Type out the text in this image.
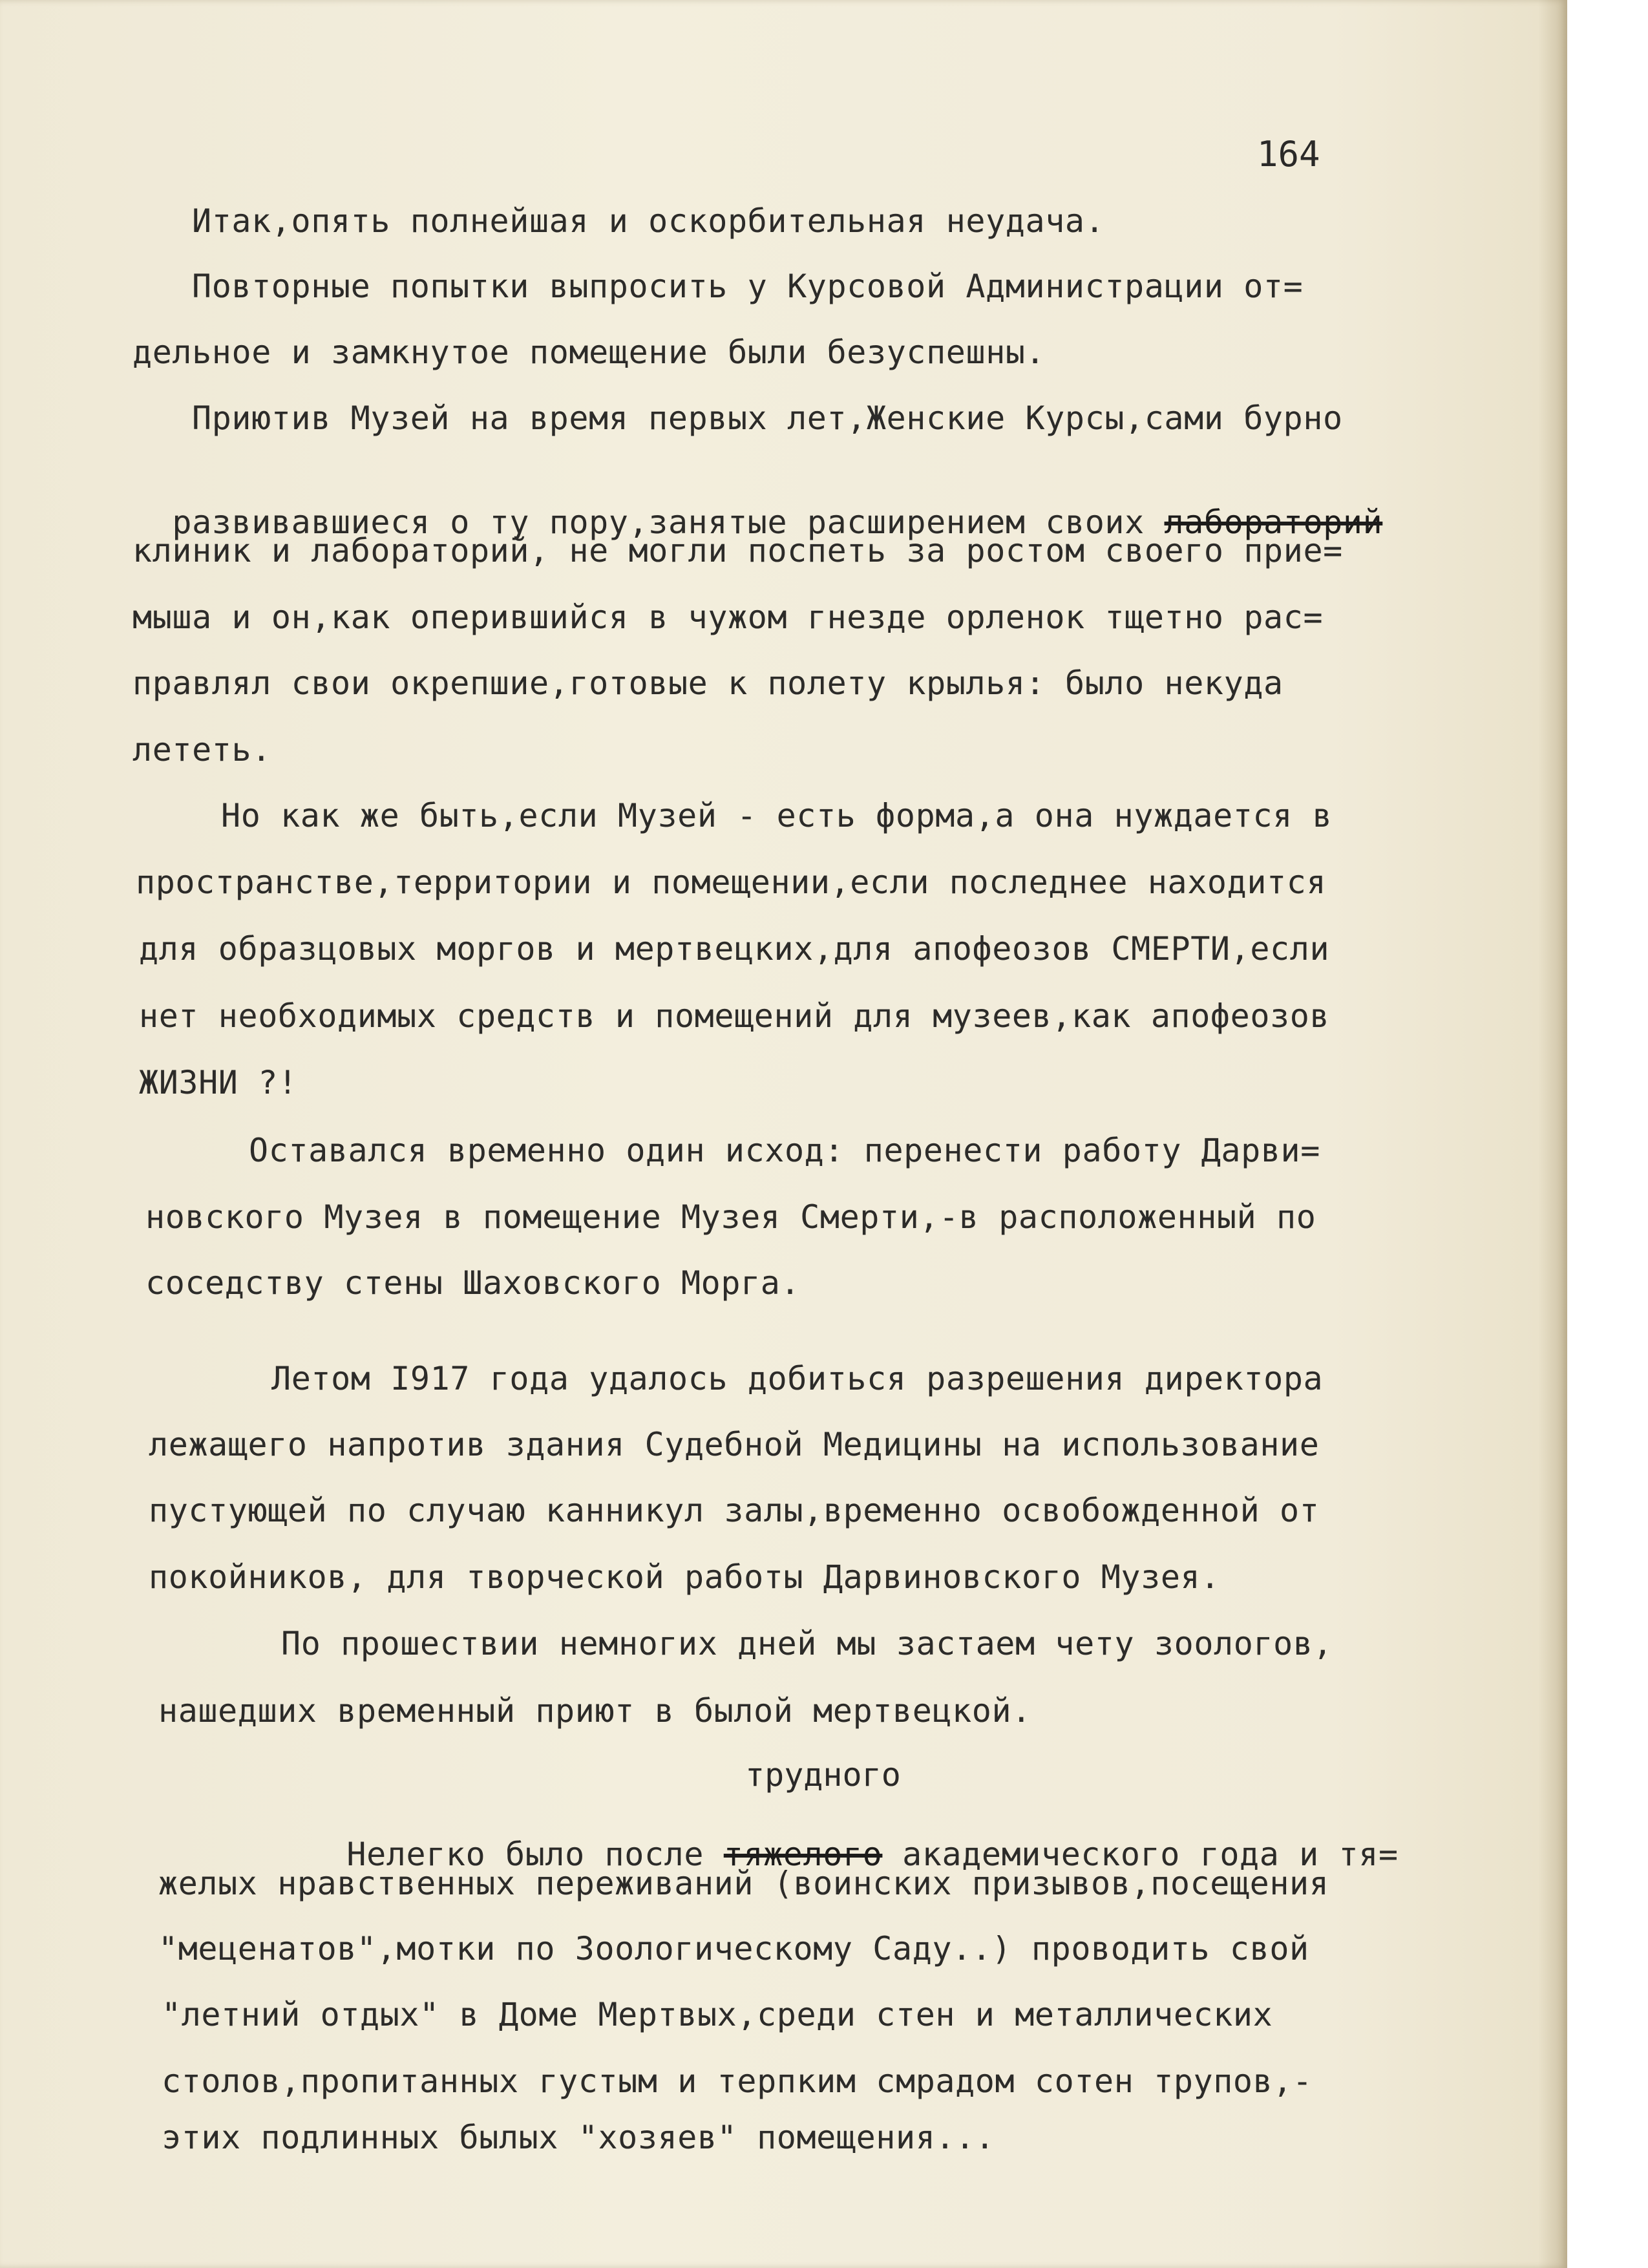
164
Итак,опять полнейшая и оскорбительная неудача.
Повторные попытки выпросить у Курсовой Администрации от=
дельное и замкнутое помещение были безуспешны.
Приютив Музей на время первых лет,Женские Курсы,сами бурно

развивавшиеся о ту пору,занятые расширением своих лабораторий

клиник и лабораторий, не могли поспеть за ростом своего прие=
мыша и он,как оперившийся в чужом гнезде орленок тщетно рас=
правлял свои окрепшие,готовые к полету крылья: было некуда
лететь.
Но как же быть,если Музей - есть форма,а она нуждается в
пространстве,территории и помещении,если последнее находится
для образцовых моргов и мертвецких,для апофеозов СМЕРТИ,если
нет необходимых средств и помещений для музеев,как апофеозов
ЖИЗНИ ?!
Оставался временно один исход: перенести работу Дарви=
новского Музея в помещение Музея Смерти,-в расположенный по
соседству стены Шаховского Морга.
Летом I917 года удалось добиться разрешения директора
лежащего напротив здания Судебной Медицины на использование
пустующей по случаю канникул залы,временно освобожденной от
покойников, для творческой работы Дарвиновского Музея.
По прошествии немногих дней мы застаем чету зоологов,
нашедших временный приют в былой мертвецкой.
трудного

Нелегко было после тяжелого академического года и тя=

желых нравственных переживаний (воинских призывов,посещения
"меценатов",мотки по Зоологическому Саду..) проводить свой
"летний отдых" в Доме Мертвых,среди стен и металлических
столов,пропитанных густым и терпким смрадом сотен трупов,-
этих подлинных былых "хозяев" помещения...
